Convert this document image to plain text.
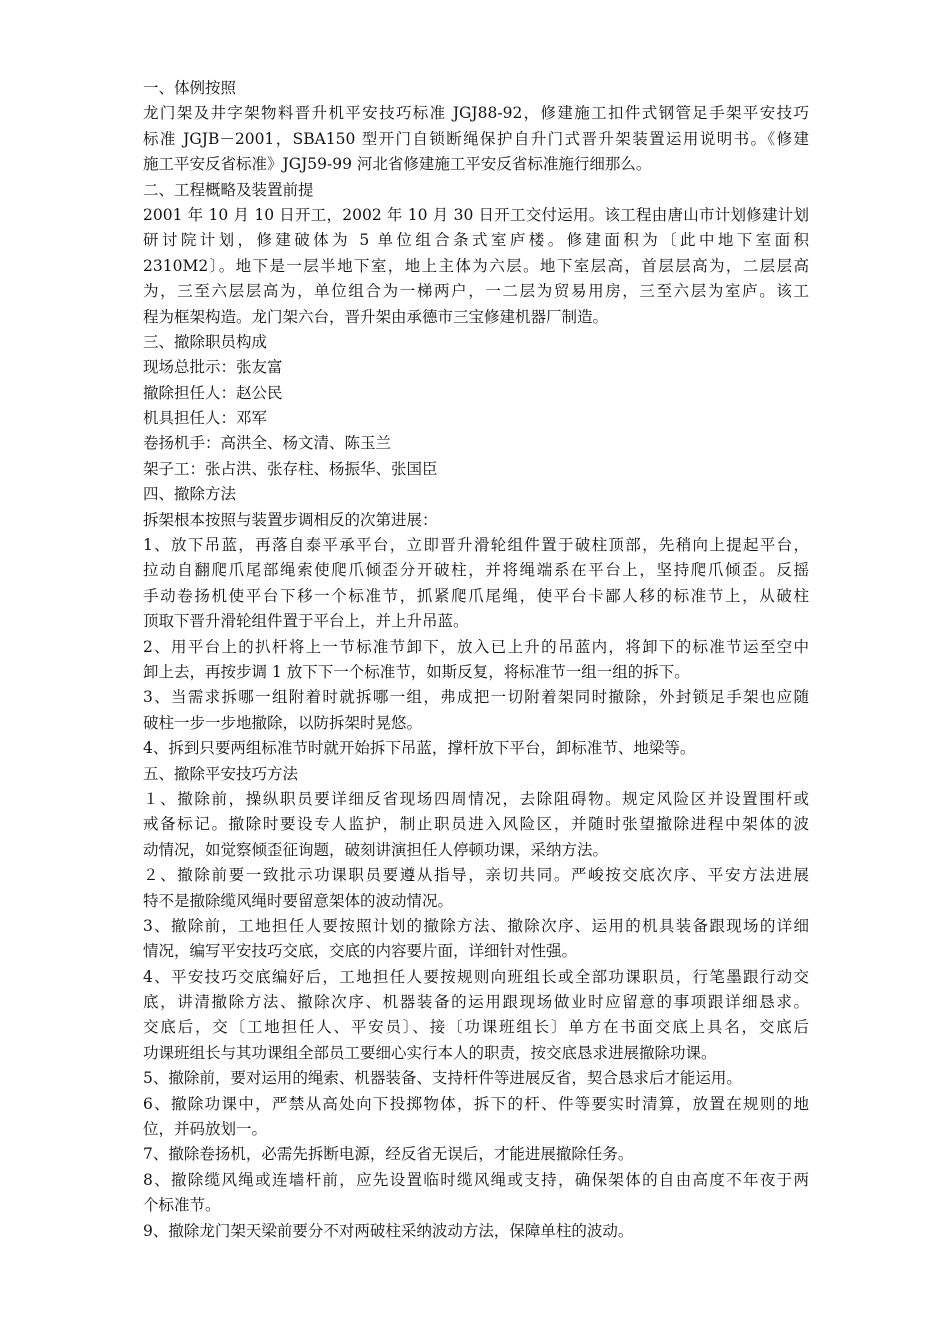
一、体例按照
龙门架及井字架物料晋升机平安技巧标准 JGJ88-92，修建施工扣件式钢管足手架平安技巧
标准 JGJB－2001，SBA150 型开门自锁断绳保护自升门式晋升架装置运用说明书。《修建
施工平安反省标准》JGJ59-99 河北省修建施工平安反省标准施行细那么。
二、工程概略及装置前提
2001 年 10 月 10 日开工，2002 年 10 月 30 日开工交付运用。该工程由唐山市计划修建计划
研讨院计划，修建破体为 5 单位组合条式室庐楼。修建面积为〔此中地下室面积
2310M2〕。地下是一层半地下室，地上主体为六层。地下室层高，首层层高为，二层层高
为，三至六层层高为，单位组合为一梯两户，一二层为贸易用房，三至六层为室庐。该工
程为框架构造。龙门架六台，晋升架由承德市三宝修建机器厂制造。
三、撤除职员构成
现场总批示：张友富
撤除担任人：赵公民
机具担任人：邓军
卷扬机手：高洪全、杨文清、陈玉兰
架子工：张占洪、张存柱、杨振华、张国臣
四、撤除方法
拆架根本按照与装置步调相反的次第进展：
1、放下吊蓝，再落自泰平承平台，立即晋升滑轮组件置于破柱顶部，先稍向上提起平台，
拉动自翻爬爪尾部绳索使爬爪倾歪分开破柱，并将绳端系在平台上，坚持爬爪倾歪。反摇
手动卷扬机使平台下移一个标准节，抓紧爬爪尾绳，使平台卡鄙人移的标准节上，从破柱
顶取下晋升滑轮组件置于平台上，并上升吊蓝。
2、用平台上的扒杆将上一节标准节卸下，放入已上升的吊蓝内，将卸下的标准节运至空中
卸上去，再按步调 1 放下下一个标准节，如斯反复，将标准节一组一组的拆下。
3、当需求拆哪一组附着时就拆哪一组，弗成把一切附着架同时撤除，外封锁足手架也应随
破柱一步一步地撤除，以防拆架时晃悠。
4、拆到只要两组标准节时就开始拆下吊蓝，撑杆放下平台，卸标准节、地梁等。
五、撤除平安技巧方法
１、撤除前，操纵职员要详细反省现场四周情况，去除阻碍物。规定风险区并设置围杆或
戒备标记。撤除时要设专人监护，制止职员进入风险区，并随时张望撤除进程中架体的波
动情况，如觉察倾歪征询题，破刻讲演担任人停顿功课，采纳方法。
２、撤除前要一致批示功课职员要遵从指导，亲切共同。严峻按交底次序、平安方法进展
特不是撤除缆风绳时要留意架体的波动情况。
3、撤除前，工地担任人要按照计划的撤除方法、撤除次序、运用的机具装备跟现场的详细
情况，编写平安技巧交底，交底的内容要片面，详细针对性强。
4、平安技巧交底编好后，工地担任人要按规则向班组长或全部功课职员，行笔墨跟行动交
底，讲清撤除方法、撤除次序、机器装备的运用跟现场做业时应留意的事项跟详细恳求。
交底后，交〔工地担任人、平安员〕、接〔功课班组长〕单方在书面交底上具名，交底后
功课班组长与其功课组全部员工要细心实行本人的职责，按交底恳求进展撤除功课。
5、撤除前，要对运用的绳索、机器装备、支持杆件等进展反省，契合恳求后才能运用。
6、撤除功课中，严禁从高处向下投掷物体，拆下的杆、件等要实时清算，放置在规则的地
位，并码放划一。
7、撤除卷扬机，必需先拆断电源，经反省无误后，才能进展撤除任务。
8、撤除缆风绳或连墙杆前，应先设置临时缆风绳或支持，确保架体的自由高度不年夜于两
个标准节。
9、撤除龙门架天梁前要分不对两破柱采纳波动方法，保障单柱的波动。
